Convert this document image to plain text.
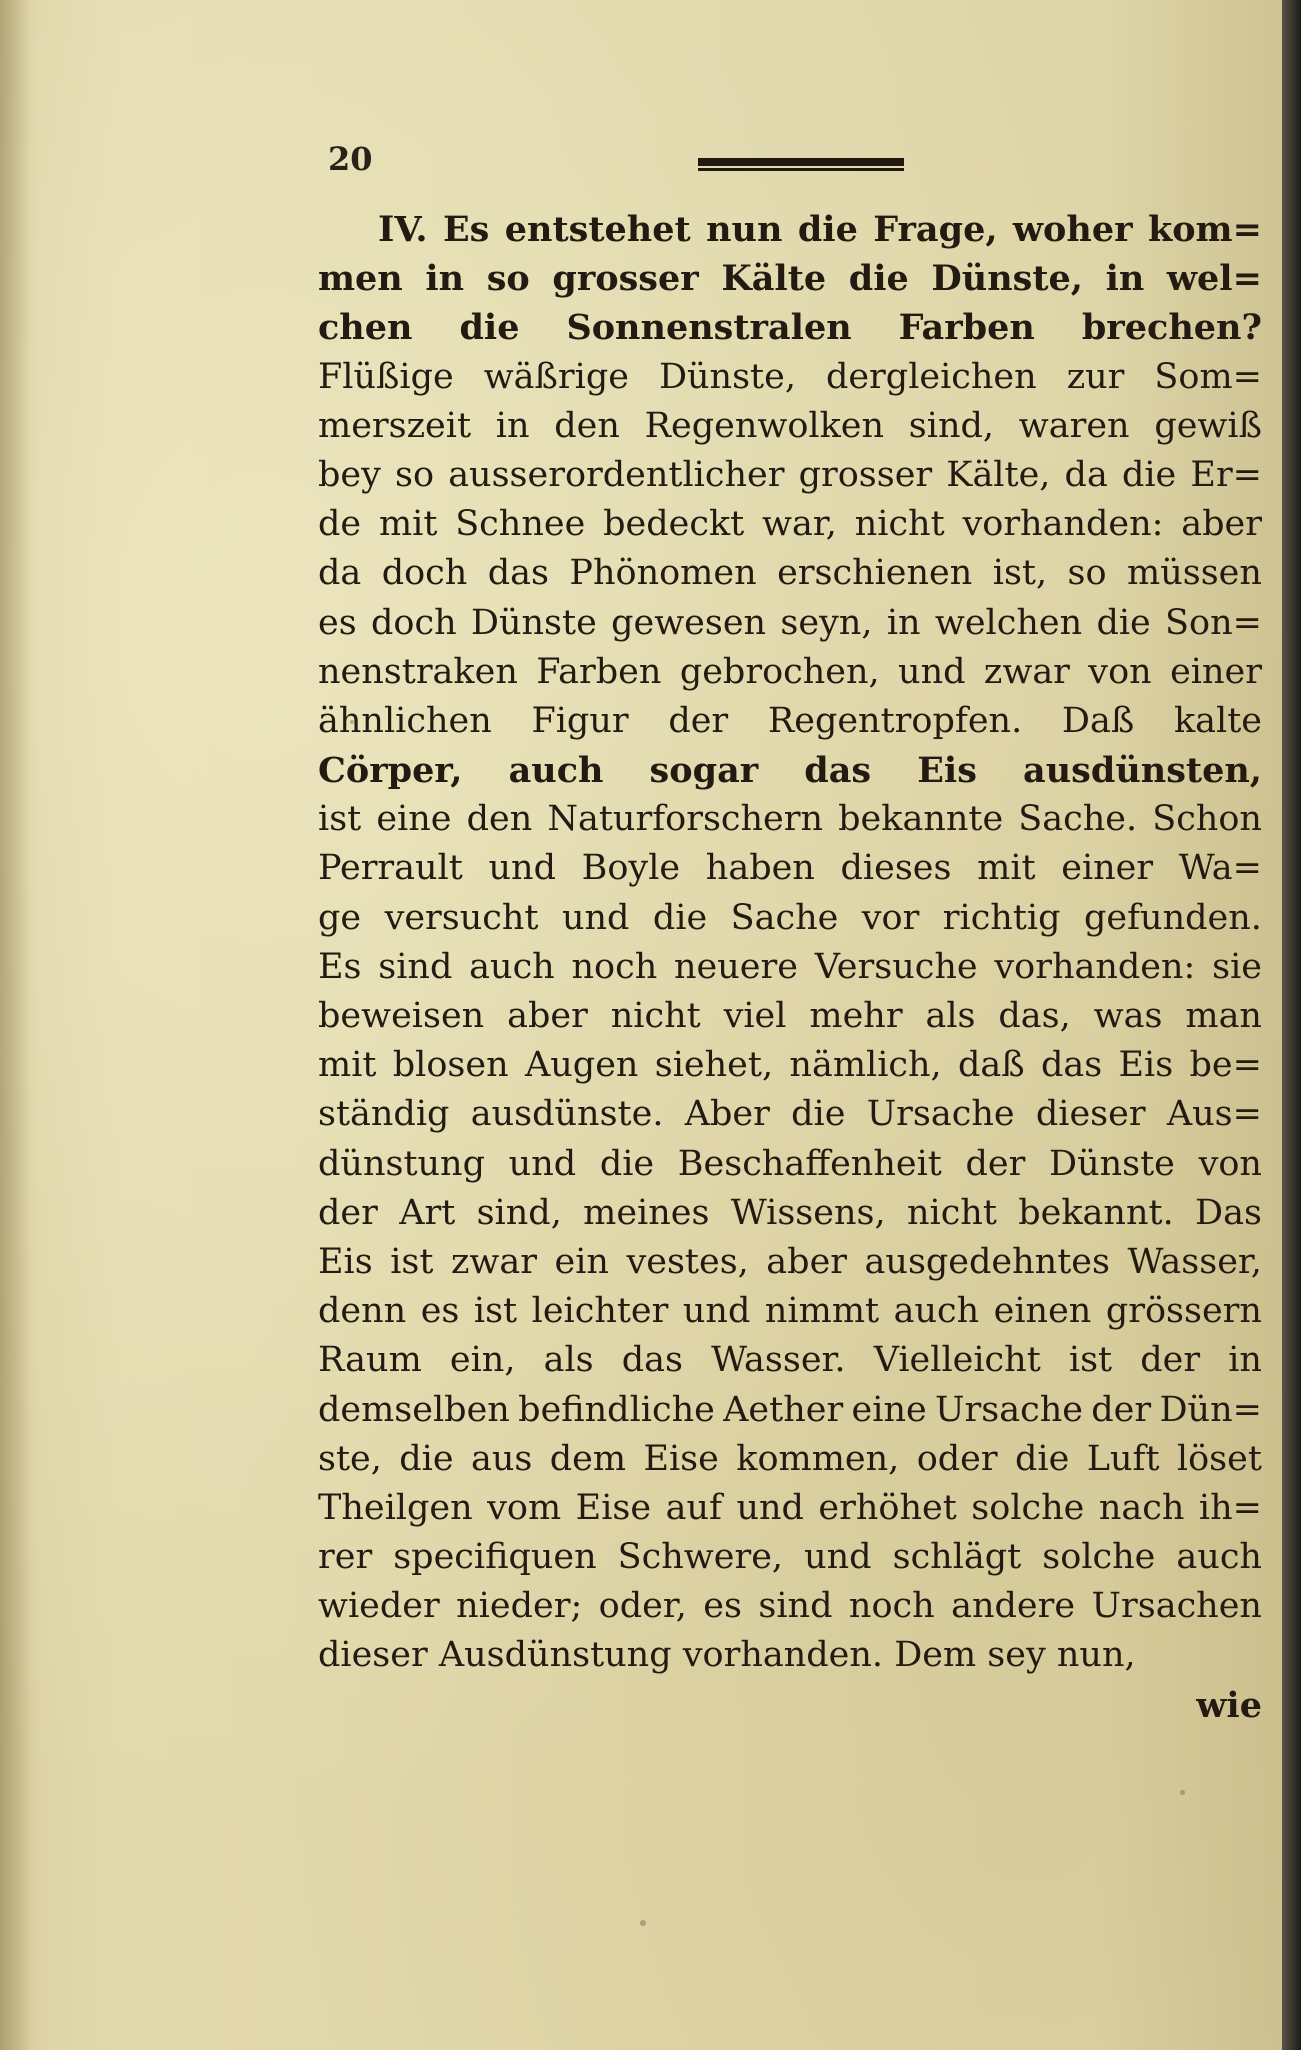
20
IV. Es entstehet nun die Frage, woher kom=
men in so grosser Kälte die Dünste, in wel=
chen die Sonnenstralen Farben brechen?
Flüßige wäßrige Dünste, dergleichen zur Som=
merszeit in den Regenwolken sind, waren gewiß
bey so ausserordentlicher grosser Kälte, da die Er=
de mit Schnee bedeckt war, nicht vorhanden: aber
da doch das Phönomen erschienen ist, so müssen
es doch Dünste gewesen seyn, in welchen die Son=
nenstraken Farben gebrochen, und zwar von einer
ähnlichen Figur der Regentropfen. Daß kalte
Cörper, auch sogar das Eis ausdünsten,
ist eine den Naturforschern bekannte Sache. Schon
Perrault und Boyle haben dieses mit einer Wa=
ge versucht und die Sache vor richtig gefunden.
Es sind auch noch neuere Versuche vorhanden: sie
beweisen aber nicht viel mehr als das, was man
mit blosen Augen siehet, nämlich, daß das Eis be=
ständig ausdünste. Aber die Ursache dieser Aus=
dünstung und die Beschaffenheit der Dünste von
der Art sind, meines Wissens, nicht bekannt. Das
Eis ist zwar ein vestes, aber ausgedehntes Wasser,
denn es ist leichter und nimmt auch einen grössern
Raum ein, als das Wasser. Vielleicht ist der in
demselben befindliche Aether eine Ursache der Dün=
ste, die aus dem Eise kommen, oder die Luft löset
Theilgen vom Eise auf und erhöhet solche nach ih=
rer specifiquen Schwere, und schlägt solche auch
wieder nieder; oder, es sind noch andere Ursachen
dieser Ausdünstung vorhanden. Dem sey nun,
wie
